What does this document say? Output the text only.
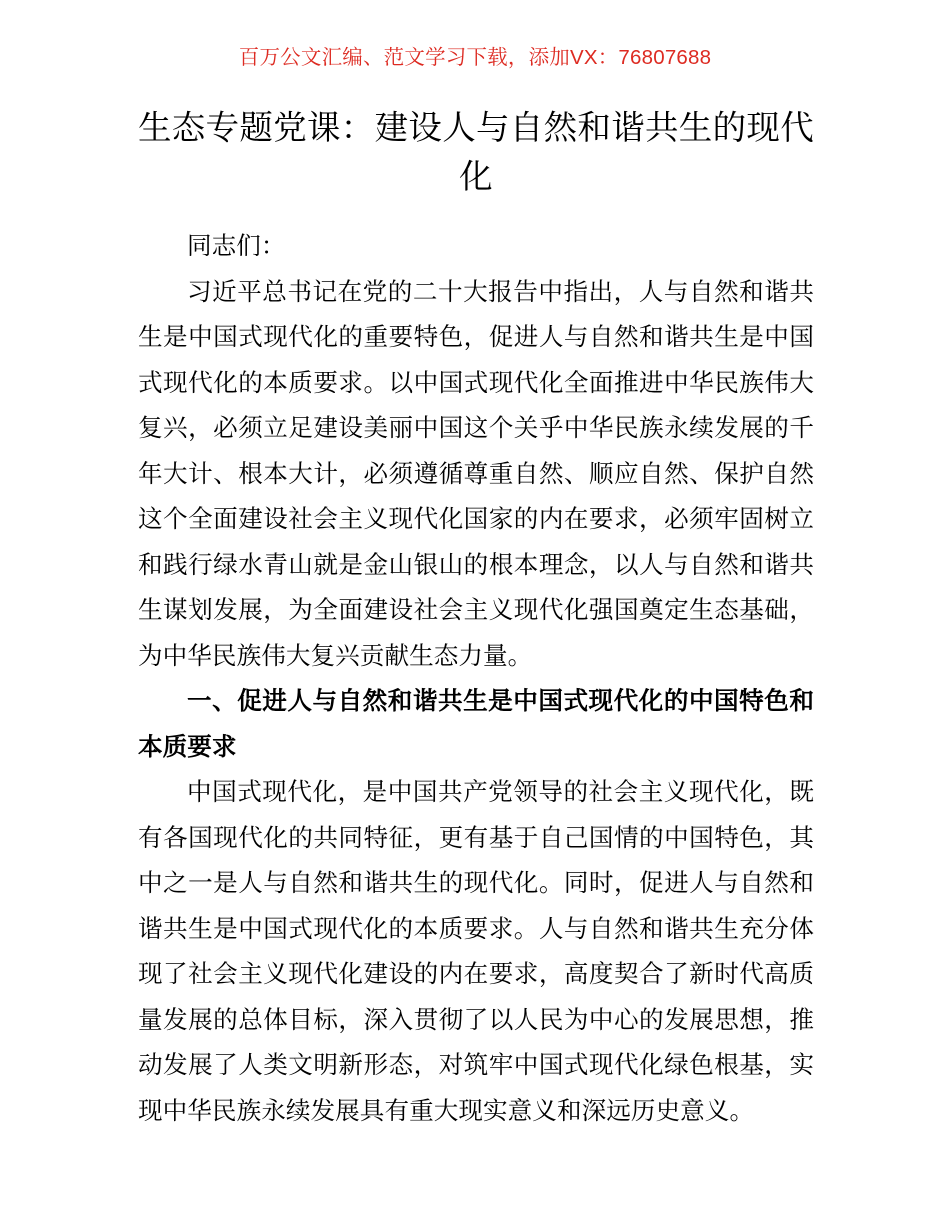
百万公文汇编、范文学习下载，添加VX：76807688
生态专题党课：建设人与自然和谐共生的现代化

同志们：

习近平总书记在党的二十大报告中指出，人与自然和谐共生是中国式现代化的重要特色，促进人与自然和谐共生是中国式现代化的本质要求。以中国式现代化全面推进中华民族伟大复兴，必须立足建设美丽中国这个关乎中华民族永续发展的千年大计、根本大计，必须遵循尊重自然、顺应自然、保护自然这个全面建设社会主义现代化国家的内在要求，必须牢固树立和践行绿水青山就是金山银山的根本理念，以人与自然和谐共生谋划发展，为全面建设社会主义现代化强国奠定生态基础，为中华民族伟大复兴贡献生态力量。

一、促进人与自然和谐共生是中国式现代化的中国特色和本质要求

中国式现代化，是中国共产党领导的社会主义现代化，既有各国现代化的共同特征，更有基于自己国情的中国特色，其中之一是人与自然和谐共生的现代化。同时，促进人与自然和谐共生是中国式现代化的本质要求。人与自然和谐共生充分体现了社会主义现代化建设的内在要求，高度契合了新时代高质量发展的总体目标，深入贯彻了以人民为中心的发展思想，推动发展了人类文明新形态，对筑牢中国式现代化绿色根基，实现中华民族永续发展具有重大现实意义和深远历史意义。
